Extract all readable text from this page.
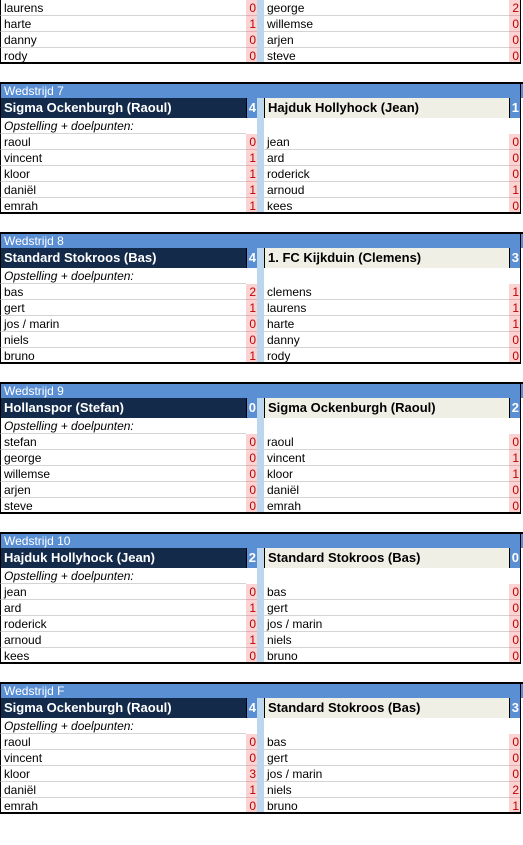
laurens	0 george	2
harte	1 willemse	0
danny	0 arjen	0
rody	0 steve	0
Wedstrijd 7
Sigma Ockenburgh (Raoul)	4 Hajduk Hollyhock (Jean)	1
Opstelling + doelpunten:
raoul	0 jean	0
vincent	1 ard	0
kloor	1 roderick	0
daniël	1 arnoud	1
emrah	1 kees	0
Wedstrijd 8
Standard Stokroos (Bas)	4 1. FC Kijkduin (Clemens)	3
Opstelling + doelpunten:
bas	2 clemens	1
gert	1 laurens	1
jos / marin	0 harte	1
niels	0 danny	0
bruno	1 rody	0
Wedstrijd 9
Hollanspor (Stefan)	0 Sigma Ockenburgh (Raoul)	2
Opstelling + doelpunten:
stefan	0 raoul	0
george	0 vincent	1
willemse	0 kloor	1
arjen	0 daniël	0
steve	0 emrah	0
Wedstrijd 10
Hajduk Hollyhock (Jean)	2 Standard Stokroos (Bas)	0
Opstelling + doelpunten:
jean	0 bas	0
ard	1 gert	0
roderick	0 jos / marin	0
arnoud	1 niels	0
kees	0 bruno	0
Wedstrijd F
Sigma Ockenburgh (Raoul)	4 Standard Stokroos (Bas)	3
Opstelling + doelpunten:
raoul	0 bas	0
vincent	0 gert	0
kloor	3 jos / marin	0
daniël	1 niels	2
emrah	0 bruno	1
